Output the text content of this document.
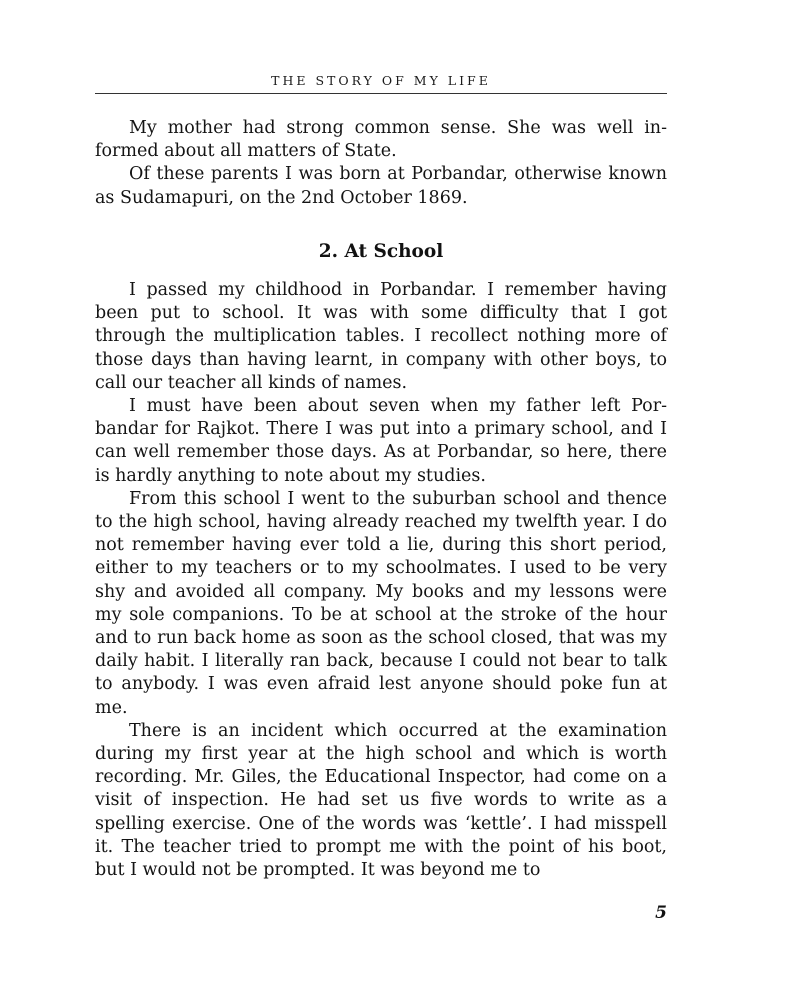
THE STORY OF MY LIFE

My mother had strong common sense. She was well in-formed about all matters of State.

Of these parents I was born at Porbandar, otherwise known as Sudamapuri, on the 2nd October 1869.

2. At School

I passed my childhood in Porbandar. I remember having been put to school. It was with some difficulty that I got through the multiplication tables. I recollect nothing more of those days than having learnt, in company with other boys, to call our teacher all kinds of names.

I must have been about seven when my father left Por-bandar for Rajkot. There I was put into a primary school, and I can well remember those days. As at Porbandar, so here, there is hardly anything to note about my studies.

From this school I went to the suburban school and thence to the high school, having already reached my twelfth year. I do not remember having ever told a lie, during this short period, either to my teachers or to my schoolmates. I used to be very shy and avoided all company. My books and my lessons were my sole companions. To be at school at the stroke of the hour and to run back home as soon as the school closed, that was my daily habit. I literally ran back, because I could not bear to talk to anybody. I was even afraid lest anyone should poke fun at me.

There is an incident which occurred at the examination during my first year at the high school and which is worth recording. Mr. Giles, the Educational Inspector, had come on a visit of inspection. He had set us five words to write as a spelling exercise. One of the words was ‘kettle’. I had misspell it. The teacher tried to prompt me with the point of his boot, but I would not be prompted. It was beyond me to

5
